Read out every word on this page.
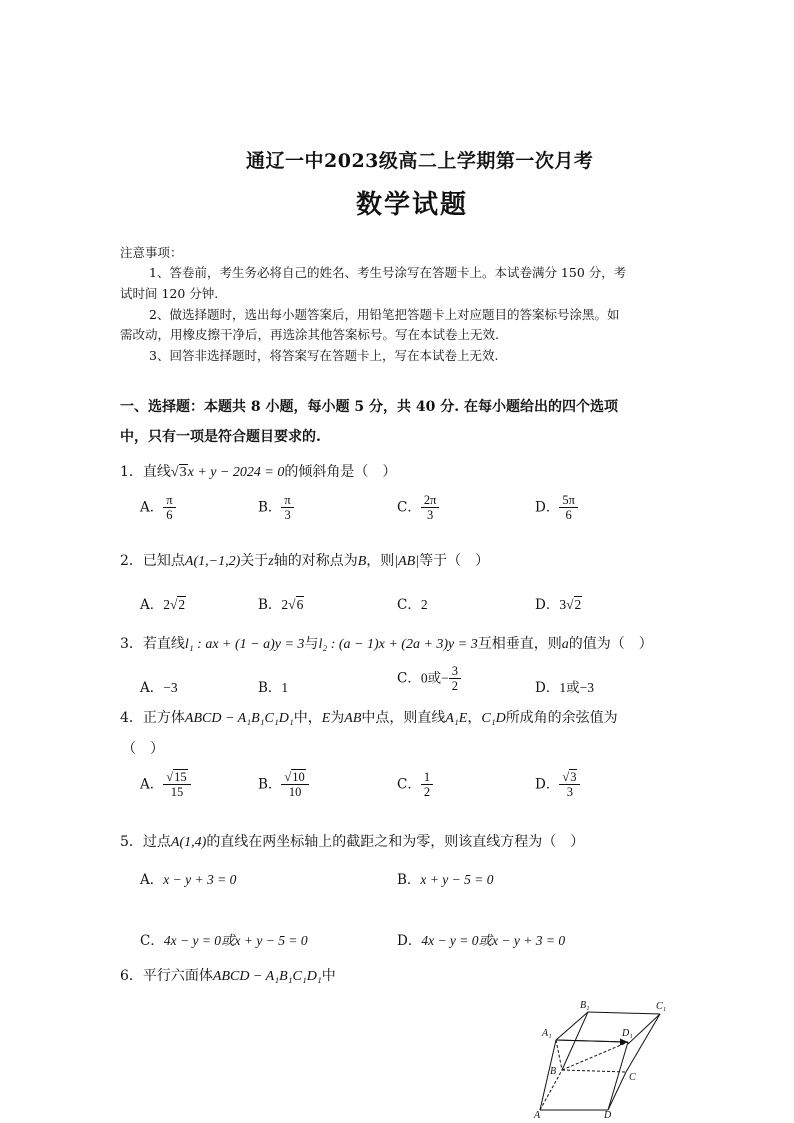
通辽一中2023级高二上学期第一次月考
数学试题
注意事项：
1、答卷前，考生务必将自己的姓名、考生号涂写在答题卡上。本试卷满分 150 分，考
试时间 120 分钟.
2、做选择题时，选出每小题答案后，用铅笔把答题卡上对应题目的答案标号涂黑。如
需改动，用橡皮擦干净后，再选涂其他答案标号。写在本试卷上无效.
3、回答非选择题时，将答案写在答题卡上，写在本试卷上无效.
一、选择题：本题共 8 小题，每小题 5 分，共 40 分. 在每小题给出的四个选项
中，只有一项是符合题目要求的.
1．直线√3x + y − 2024 = 0的倾斜角是（　）
A． $\frac{\pi}{6}$	B． $\frac{\pi}{3}$	C． $\frac{2\pi}{3}$	D． $\frac{5\pi}{6}$
2．已知点A(1,−1,2)关于z轴的对称点为B，则|AB|等于（　）
A．2√2	B．2√6	C．2	D．3√2
3．若直线l₁ : ax + (1 − a)y = 3与l₂ : (a − 1)x + (2a + 3)y = 3互相垂直，则a的值为（　）
A．−3	B．1
C．0或− $\frac{3}{2}$	D．1或−3
4．正方体ABCD − A₁B₁C₁D₁中，E为AB中点，则直线A₁E，C₁D所成角的余弦值为
（　）
A． $\frac{√15}{15}$	B． $\frac{√10}{10}$	C． $\frac{1}{2}$	D． $\frac{√3}{3}$
5．过点A(1,4)的直线在两坐标轴上的截距之和为零，则该直线方程为（　）
A．x − y + 3 = 0	B．x + y − 5 = 0
C．4x − y = 0或x + y − 5 = 0	D．4x − y = 0或x − y + 3 = 0
6．平行六面体ABCD − A₁B₁C₁D₁中
B₁	C₁
A₁	D₁
B
C
A	D
